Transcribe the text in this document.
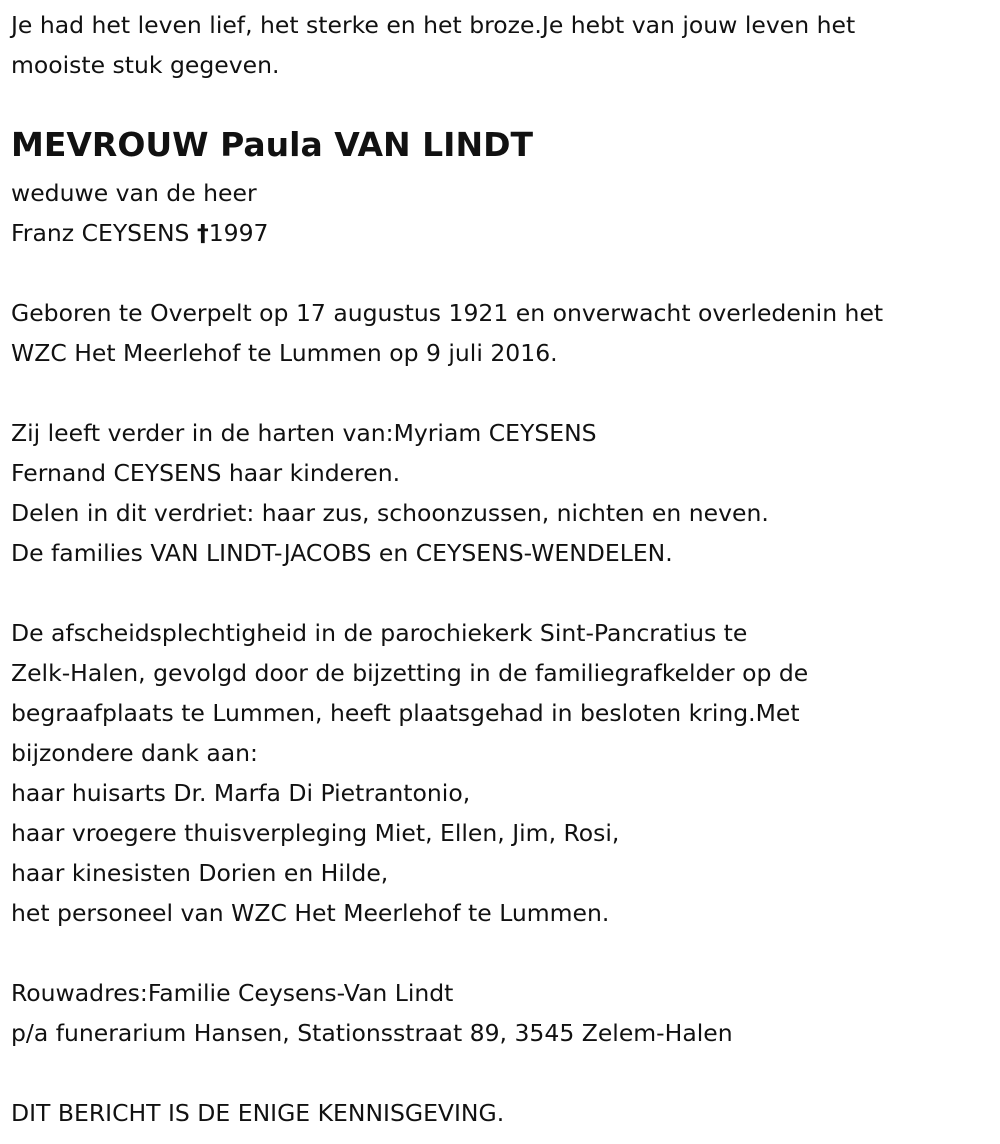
Je had het leven lief, het sterke en het broze.Je hebt van jouw leven het
mooiste stuk gegeven.
MEVROUW Paula VAN LINDT
weduwe van de heer
Franz CEYSENS †1997
Geboren te Overpelt op 17 augustus 1921 en onverwacht overledenin het
WZC Het Meerlehof te Lummen op 9 juli 2016.
Zij leeft verder in de harten van:Myriam CEYSENS
Fernand CEYSENS haar kinderen.
Delen in dit verdriet: haar zus, schoonzussen, nichten en neven.
De families VAN LINDT-JACOBS en CEYSENS-WENDELEN.
De afscheidsplechtigheid in de parochiekerk Sint-Pancratius te
Zelk-Halen, gevolgd door de bijzetting in de familiegrafkelder op de
begraafplaats te Lummen, heeft plaatsgehad in besloten kring.Met
bijzondere dank aan:
haar huisarts Dr. Marfa Di Pietrantonio,
haar vroegere thuisverpleging Miet, Ellen, Jim, Rosi,
haar kinesisten Dorien en Hilde,
het personeel van WZC Het Meerlehof te Lummen.
Rouwadres:Familie Ceysens-Van Lindt
p/a funerarium Hansen, Stationsstraat 89, 3545 Zelem-Halen
DIT BERICHT IS DE ENIGE KENNISGEVING.
